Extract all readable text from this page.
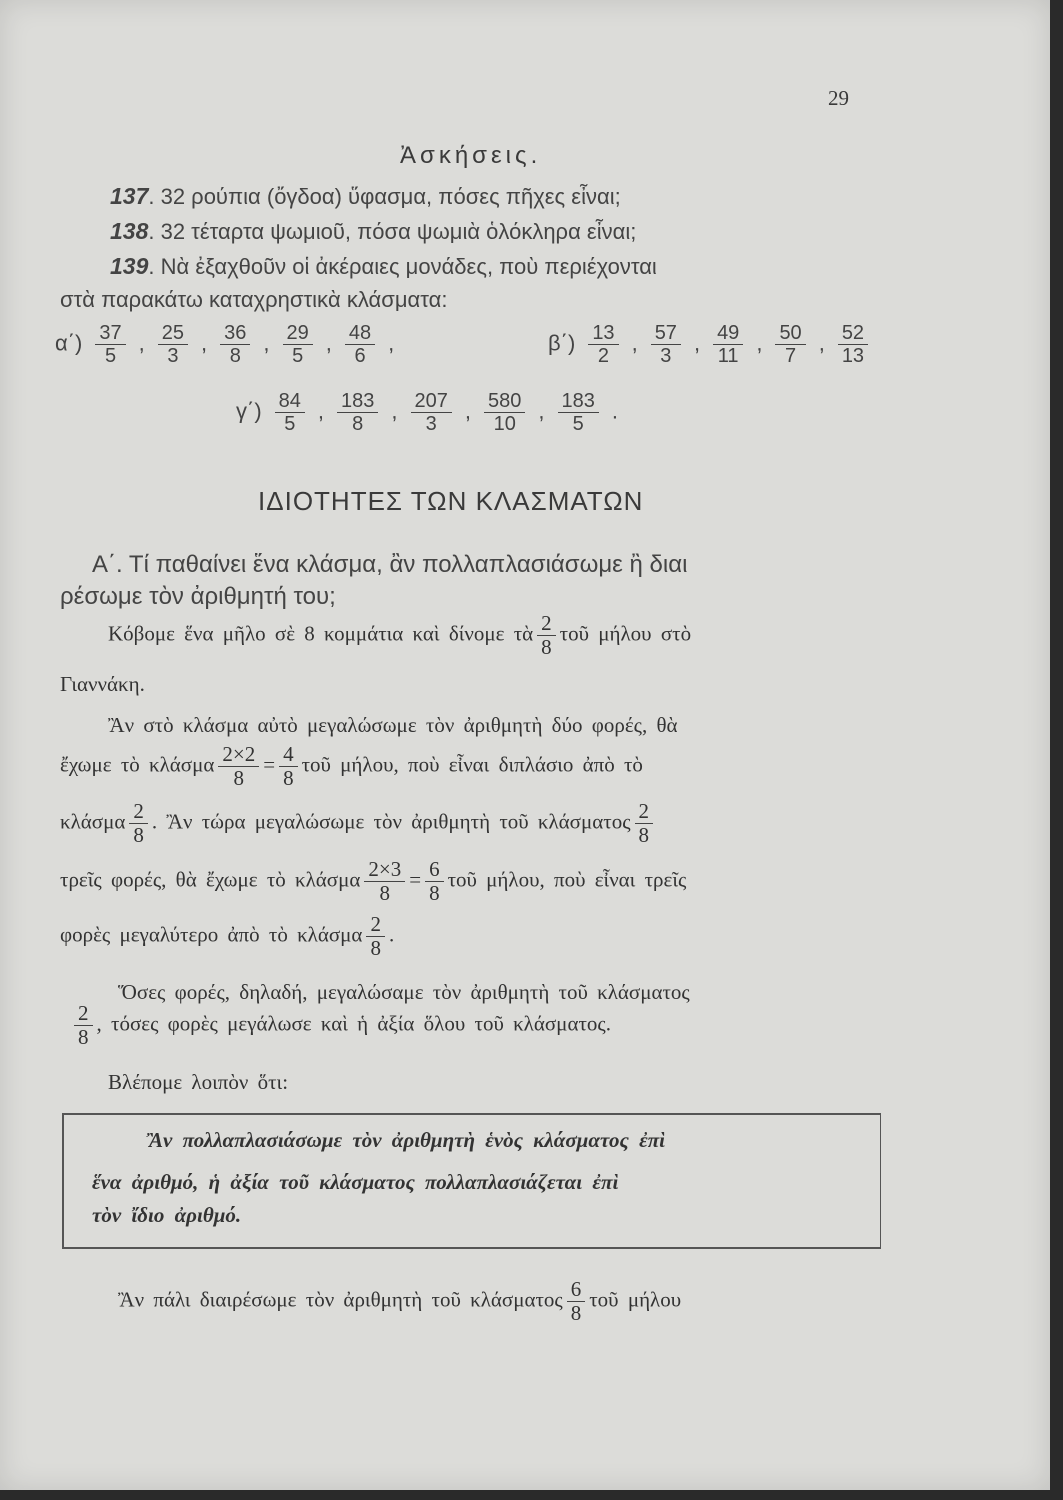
29
Ἀσκήσεις.
ΙΔΙΟΤΗΤΕΣ ΤΩΝ ΚΛΑΣΜΑΤΩΝ
137. 32 ρούπια (ὄγδοα) ὕφασμα, πόσες πῆχες εἶναι;
138. 32 τέταρτα ψωμιοῦ, πόσα ψωμιὰ ὁλόκληρα εἶναι;
139. Νὰ ἐξαχθοῦν οἱ ἀκέραιες μονάδες, ποὺ περιέχονται
στὰ παρακάτω καταχρηστικὰ κλάσματα:
$\alpha΄) \frac{37}{5}$ , $\frac{25}{3}$ , $\frac{36}{8}$ , $\frac{29}{5}$ , $\frac{48}{6}$ ,	$\beta΄) \frac{13}{2}$ , $\frac{57}{3}$ , $\frac{49}{11}$ , $\frac{50}{7}$ , $\frac{52}{13}$
$\gamma΄) \frac{84}{5}$ , $\frac{183}{8}$ , $\frac{207}{3}$ , $\frac{580}{10}$ , $\frac{183}{5}$ .
Α΄. Τί παθαίνει ἕνα κλάσμα, ἂν πολλαπλασιάσωμε ἢ διαι
ρέσωμε τὸν ἀριθμητή του;
Κόβομε ἕνα μῆλο σὲ 8 κομμάτια καὶ δίνομε τὰ $\frac{2}{8}$ τοῦ μήλου στὸ
Γιαννάκη.
Ἂν στὸ κλάσμα αὐτὸ μεγαλώσωμε τὸν ἀριθμητὴ δύο φορές, θὰ
ἔχωμε τὸ κλάσμα $\frac{2\times 2}{8} = \frac{4}{8}$ τοῦ μήλου, ποὺ εἶναι διπλάσιο ἀπὸ τὸ
κλάσμα $\frac{2}{8}$ . Ἂν τώρα μεγαλώσωμε τὸν ἀριθμητὴ τοῦ κλάσματος $\frac{2}{8}$
τρεῖς φορές, θὰ ἔχωμε τὸ κλάσμα $\frac{2\times 3}{8} = \frac{6}{8}$ τοῦ μήλου, ποὺ εἶναι τρεῖς
φορὲς μεγαλύτερο ἀπὸ τὸ κλάσμα $\frac{2}{8}$ .
Ὅσες φορές, δηλαδή, μεγαλώσαμε τὸν ἀριθμητὴ τοῦ κλάσματος
$\frac{2}{8}$ , τόσες φορὲς μεγάλωσε καὶ ἡ ἀξία ὅλου τοῦ κλάσματος.
Βλέπομε λοιπὸν ὅτι:
Ἂν πολλαπλασιάσωμε τὸν ἀριθμητὴ ἑνὸς κλάσματος ἐπὶ
ἕνα ἀριθμό, ἡ ἀξία τοῦ κλάσματος πολλαπλασιάζεται ἐπὶ
τὸν ἴδιο ἀριθμό.
Ἂν πάλι διαιρέσωμε τὸν ἀριθμητὴ τοῦ κλάσματος $\frac{6}{8}$ τοῦ μήλου
